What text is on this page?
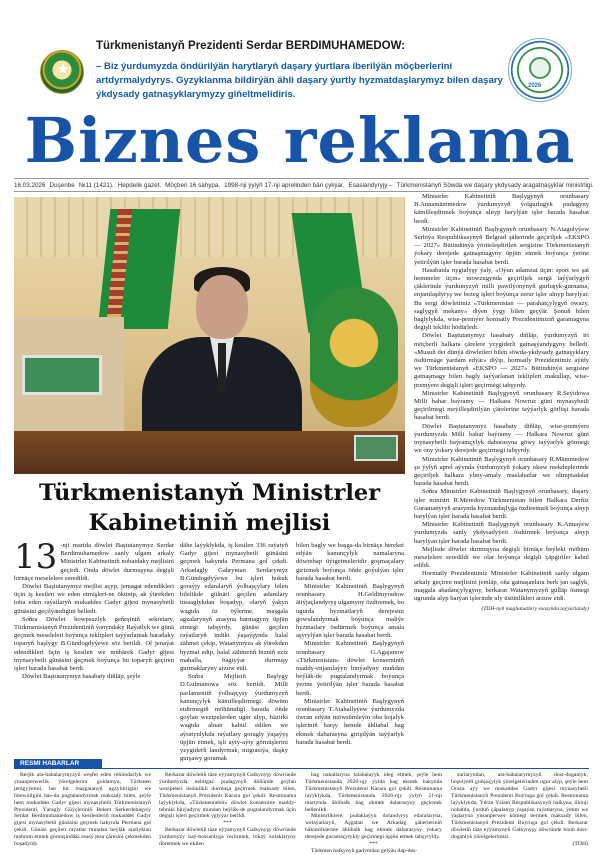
Türkmenistanyň Prezidenti Serdar BERDIMUHAMEDOW:
– Biz ýurdumyzda öndürilýän harytlaryň daşary ýurtlara iberilýän möçberlerini artdyrmalydyrys. Gyzyklanma bildirýän ähli daşary ýurtly hyzmatdaşlarymyz bilen daşary ýkdysady gatnaşyklarymyzy giňeltmelidiris.
2026
Biznes reklama
16.03.2026 Duşenbe №11 (1421). Hepdelik gazet. Möçberi 16 sahypa. 1998-nji ýylyň 17-nji aprelinden bäri çykýar. Esaslandyryjy – Türkmenistanyň Söwda we daşary ykdysady aragatnaşyklar ministrligi.
Türkmenistanyň Ministrler
Kabinetiniň mejlisi
13 -nji martda döwlet Baştutanymyz Serdar Berdimuhamedow sanly ulgam arkaly Ministrler Kabinetiniň nobatdaky mejlisini geçirdi. Onda döwlet durmuşyna degişli birnäçe meselelere seredildi.

Döwlet Baştutanymyz mejlisi açyp, jemagat edendikleri üçin iş kesilen we eden etmişleri-ne ökünip, ak ýürekden toba eden raýatlaryň mukaddes Gadyr gijesi mynasybetli günäsini geçilýändigini belledi.

Soňra Döwlet howpsuzlyk geňeşiniň sekretary, Türkmenistanyň Prezidentiniň ýanyndaky Raýatlyk we günä geçmek meseleleri boýunça teklipleri taýýarlamak baradaky toparyň başlygy B.Gündogdyýewe söz berildi. Ol jenaýat edendikleri üçin iş kesilen we mübärek Gadyr gijesi mynasybetli günäsini geçmek boýunça bu toparyň geçiren işleri barada hasabat berdi.

Döwlet Baştutanymyz hasabaty diňläp, şeýle

dähe laýyklykda, iş kesilen 336 raýatyň Gadyr gijesi mynasybetli günäsini geçmek hakynda Permana gol çekdi. Arkadagly Gahryman Serdarymyz B.Gündogdyýewe bu işleri hukuk goraýjy edaralaryň ýolbaşçylary bilen bilelikde gülnäri geçilen adamlary tussaglykdan boşadyp, olaryň ýakyn wagtda öz öýlerine, maşgala agzalarynyň arasyna barmagyny üpjün etmegi tabşyrdy, günäsi geçilen raýatlaryň indiki ýaşaýşynda halal zähmet çekip, Watanymyza ak ýürekden hyzmat edip, halal zähmetiň bizniň eziz mahalla, bagtyýar durmuşy gurmaklaryny arzuw etdi.

Soňra Mejlisiň Başlygy D.Gulmanowa söz berildi. Milli parlamentiň ýolbaşçysy ýurdumyzyň kanunçylyk kämilleşdirmegi döwüm etdirmegiň möhümdigi barada öňde goýlan wezipelerden ugur alyp, häzirki wagtda alnan kabul edilen we aýratynlykda raýatlary goragly ýaşaýyş üpjün etmek, işli aýty-aýty görnüşlerini yzygiderli landyrmak, migrasiýa, daşky gurşawy goramak

bilen bagly we başga-da birnäçe hereket edýän kanunçylyk namalaryna döwrebap üýtgetmeleridir goşmaçalary girizmek boýunça öňde goýulýan işler barada hasabat berdi.

Ministrler Kabinetiniň Başlygynyň orunbasary H.Geldimyradow ätiýjaçlandyryş ulgamyny özdiremek, bu ugurda hyzmatlaryň derejesini gowulandyrmak boýunça maliýe hyzmatlary ösdürmek boýunça amala aşyrylýan işler barada hasabat berdi.

Ministrler Kabinetiniň Başlygynyň orunbasary G.Agajanow «Türkmenistan» döwlet konserniniň maddy-enjamlaýyn binýadyny muňdan beýläk-de pugtalandyrmak boýunça ýerine ýetirilýän işler barada hasabat berdi.

Ministrler Kabinetiniň Başlygynyň orunbasary T.Atahallyýew ýurdumyzda öwran edýän möwsümleýin oba hojalyk işleriniň barşy hemde ähliabal bag ekmek dabarasyna girişilýän taýýarlyk barada hasabat berdi.

Ministrler Kabinetiniň Başlygynyň orunbasary B.Annamämmedow ýurdumyzyň ýolgurlugyk pudagyny kämilleşdirmek boýunça alnyp barylýan işler barada hasabat berdi.

Ministrler Kabinetiniň Başlygynyň orunbasary N.Atagulyýew Serbiýa Respublikasynyň Belgrad şäherinde geçiriljek «EKSPO — 2027» Bütindünýä ýöriteleşdirilen sergisine Türkmenistanyň ýokary derejede gatnaşmagyny üpjün etmek boýunça ýerine ýetirilýän işler barada hasabat berdi.

Hasabatda nygtalyşy ýaly, «Oýun adamzat üçin: sport we şat hemmeler üçin» mowzugynda geçiriljek sergä taýýarlygyň çäklerinde ýurdumyzyň milli pawilýonynyň gurluşyk-gurnama, enjamlaşdyryş we bezeg işleri boýunça zerur işler alnyp barylýar. Bu sergi döwletimiz «Türkmenistan — parahatçylygyň owazy, saglygyň mekany» diýen ýygy bilen geçýär. Şonuň bilen baglylykda, wise-premýer hormatly Prezidentimiziň garamagyna degişli teklibi hödürledi.

Döwlet Baştutanymyz hasabaty diňläp, ýurdumyzyň iri möçberli halkara çärelere yzygiderli gatnaşýandygyny belledi. «Musuň dei dünýä döwletleri bilen söwda-ykdysady gatnaşyklary ösdürmäge ýardam edýär» diýip, hormatly Prezidentimiz aýtdy we Türkmenistanyň «EKSPO — 2027» Bütindünýä sergisine gatnaşmagy bilen bagly taýýarlanan teklipleri makullap, wise-premýere degişli işleri geçirmegi tabşyrdy.

Ministrler Kabinetiniň Başlygynyň orunbasary R.Seýidowa Milli bahar baýramy — Halkara Nowruz güni mynasybetli geçirilmegi meýilleşdirilýän çärelerine taýýarlyk görlüşi barada hasabat berdi.

Döwlet Baştutanymyz hasabaty diňläp, wise-premýere ýurdumyzda Milli bahar baýramy — Halkara Nowruz güni mynasybetli baýramçylyk dabarasyna göwy taýýarlyk görmegi we ony ýokary derejede geçirmegi tabşyrdy.

Ministrler Kabinetiniň Başlygynyň orunbasary R.Mämmedow şu ýylyň aprel aýynda ýurdumyzyň ýokary okuw mekdeplerinde geçiriljek halkara ylmy-amaly maslahatlar we olimpiadalar barada hasabat berdi.

Soňra Ministrler Kabinetiniň Başlygynyň orunbasary, daşary işler ministri R.Meredow Türkmenistan bilen Halkara Derňiz Guramanyryň arasynda hyzmatdaşlyga özdiretmek boýunça alnyp barylýan işler barada hasabat berdi.

Ministrler Kabinetiniň Başlygynyň orunbasary K.Annaýew ýurdumyzda sanly ykdysadyýeti ösdürmek boýunça alnyp barylýan işler barada hasabat berdi.

Mejlisde döwlet durmuşyna degişli birnäçe beýleki möhüm meselelere seredildi we olar boýunça degişli çäpgirtler kabul edildi.

Hormatly Prezidentimiz Ministrler Kabinetiniň sanly ulgam arkaly geçiren mejlisini jemläp, oňa gatnaşanlara berk jan saglyk, maşgala abadançylygyny, berkarar Watanymyzyň gülläp ösmegi ugrunda alyp barýan işlerinde uly üstünlikleri arzuw etdi.

(TDH-nyň maglumatlary esasynda taýýarlandy)
RESMI HABARLAR

Berjik ata-babalarymyzyň weşfet eden rehimdarlyk we ynsanperwerlik ýörelgelerini goldamyn, Türkmen jemgyýetini, her bir maşgalanyň agzybirligini we bitewüligini has-da pugtalandyrmak maksady bilen, şeýle hem mukaddes Gadyr gijesi mynasybetli Türkmenistanyň Prezidenti, Ýaragly Güýçleriniň Belent Serkerdebaşysy Serdar Berdimuhamedow iş kesilenleriň mukaddes Gadyr gijesi mynasybetli günäsini geçmek hakynda Permana gol çekdi. Günäsi geçilen raýatlar mundan beýläk aratlyklan mahrum etmek görnüşindäki esasy jeza çäresini çekmekden boşadyldy.

Berkarar döwletiň täze eýýamynyň Galkynyşy döwründe ýurdumyzda nebitgaz pudagynyň döňünde goýlan wezipeleri üstünlikli durmuşa geçirmek maksady bilen, Türkmenistanyň Prezidenti Karara gol çekdi. Resminama laýyklykda, «Türkmennebit» döwlet konsernine maddy-tehniki binýadyny mundan beýläk-de pugtalandyrmak üçin degişli işleri geçirmek ygtyýar berildi.

***

Berkarar döwletiň täze eýýamynyň Galkynyşy döwründe ýurdumyzy baý-bossanlyga öwürmek, tokaý zolaklaryny döretmek we ekilen

bag nahallaryna talabalaýyk ideg etmek, şeýle hem Türkmenistanda 2026-njy ýylda bag ekmek hakynda Türkmenistanyň Prezidenti Karara gol çekdi. Resminama laýyklykda, Türkmenistanda 2026-njy ýylyň 21-nji martynda ählihalk bag ekmek dabarasyny geçirmek bellenildi.

Ministrliklere, pudaklaýyn dolandyryş edaralaryna, welaýatlaryň, Aşgabat we Arkadag şäherleriniň häkimliklerine ählihalk bag ekmek dabarasyny ýokary derejede guramaçylykly geçirmegi üpjün etmek tabşyryldy.

***

Türkmen halkynyň gadymdan gelýän dap-des-

surlaryndan, ata-babalarymyzyň dost-doganlyk, hoşniýetli goňşuçylyk ýörelgelerinden ugur alyp, şeýle hem Oraza aýy we mukaddes Gadyr gijesi mynasybetli Türkmenistanyň Prezidenti Buýruga gol çekdi. Resminama laýyklykda, Ýérzn Yslam Respublikasynyň halkyna, ilkinji nobatda, ýurduň çäpalanyp ýaşaýan raýatlaryna, ýetim we ýaşlaryna ynsanperwer kömegi bermek maksady bilen, Türkmenistanyň Prezidenti Buýruga gol çekdi. Berkarar döwletiň täze eýýamynyň Galkynyşy döwründe biziň dost-doganlyk ýörelgelerimizi.

(TDH)
